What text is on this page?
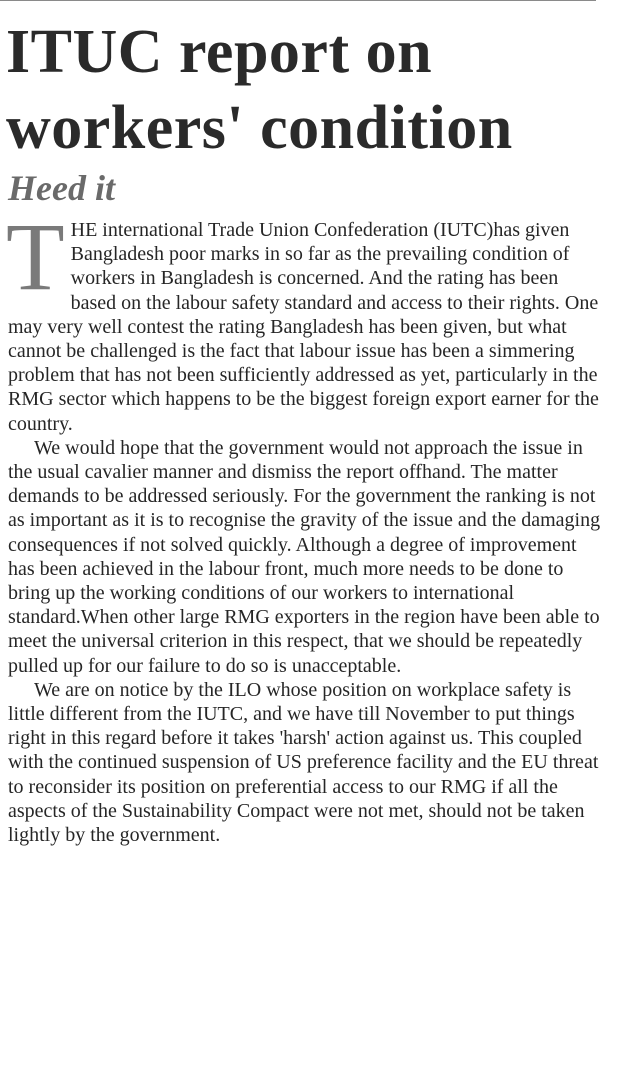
ITUC report on workers' condition
Heed it

THE international Trade Union Confederation (IUTC)has given Bangladesh poor marks in so far as the prevailing condition of workers in Bangladesh is concerned. And the rating has been based on the labour safety standard and access to their rights. One may very well contest the rating Bangladesh has been given, but what cannot be challenged is the fact that labour issue has been a simmering problem that has not been sufficiently addressed as yet, particularly in the RMG sector which happens to be the biggest foreign export earner for the country.

We would hope that the government would not approach the issue in the usual cavalier manner and dismiss the report offhand. The matter demands to be addressed seriously. For the government the ranking is not as important as it is to recognise the gravity of the issue and the damaging consequences if not solved quickly. Although a degree of improvement has been achieved in the labour front, much more needs to be done to bring up the working conditions of our workers to international standard.When other large RMG exporters in the region have been able to meet the universal criterion in this respect, that we should be repeatedly pulled up for our failure to do so is unacceptable.

We are on notice by the ILO whose position on workplace safety is little different from the IUTC, and we have till November to put things right in this regard before it takes 'harsh' action against us. This coupled with the continued suspension of US preference facility and the EU threat to reconsider its position on preferential access to our RMG if all the aspects of the Sustainability Compact were not met, should not be taken lightly by the government.
